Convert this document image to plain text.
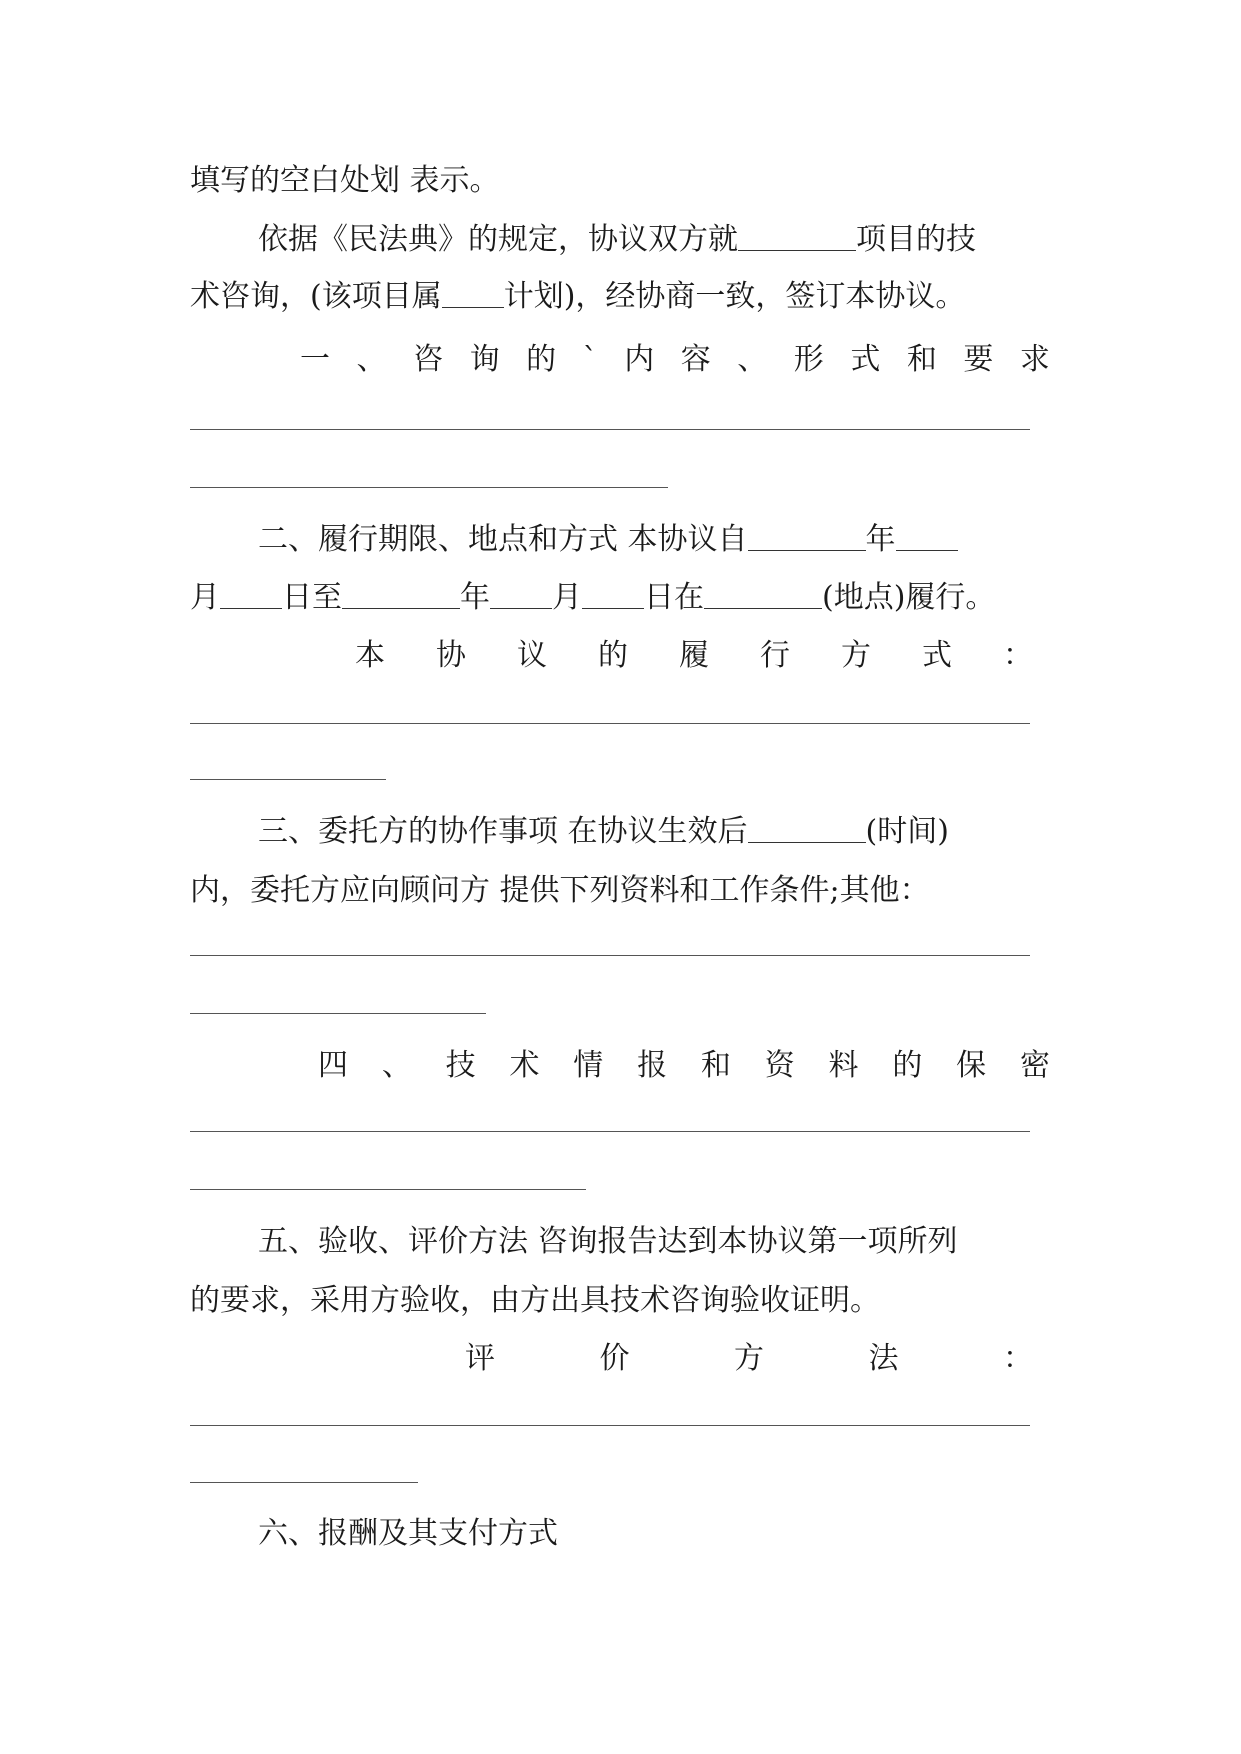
填写的空白处划 表示。
依据《民法典》的规定，协议双方就	项目的技
术咨询，(该项目属 计划)，经协商一致，签订本协议。
一 、 咨 询 的 ` 内 容 、 形 式 和 要 求
二、履行期限、地点和方式 本协议自	年
月 日至	年 月 日在	(地点)履行。
本 协 议 的 履 行 方 式 ：
三、委托方的协作事项 在协议生效后	(时间)
内，委托方应向顾问方 提供下列资料和工作条件;其他：
四 、 技 术 情 报 和 资 料 的 保 密
五、验收、评价方法 咨询报告达到本协议第一项所列
的要求，采用方验收，由方出具技术咨询验收证明。
评	价	方	法	：
六、报酬及其支付方式
